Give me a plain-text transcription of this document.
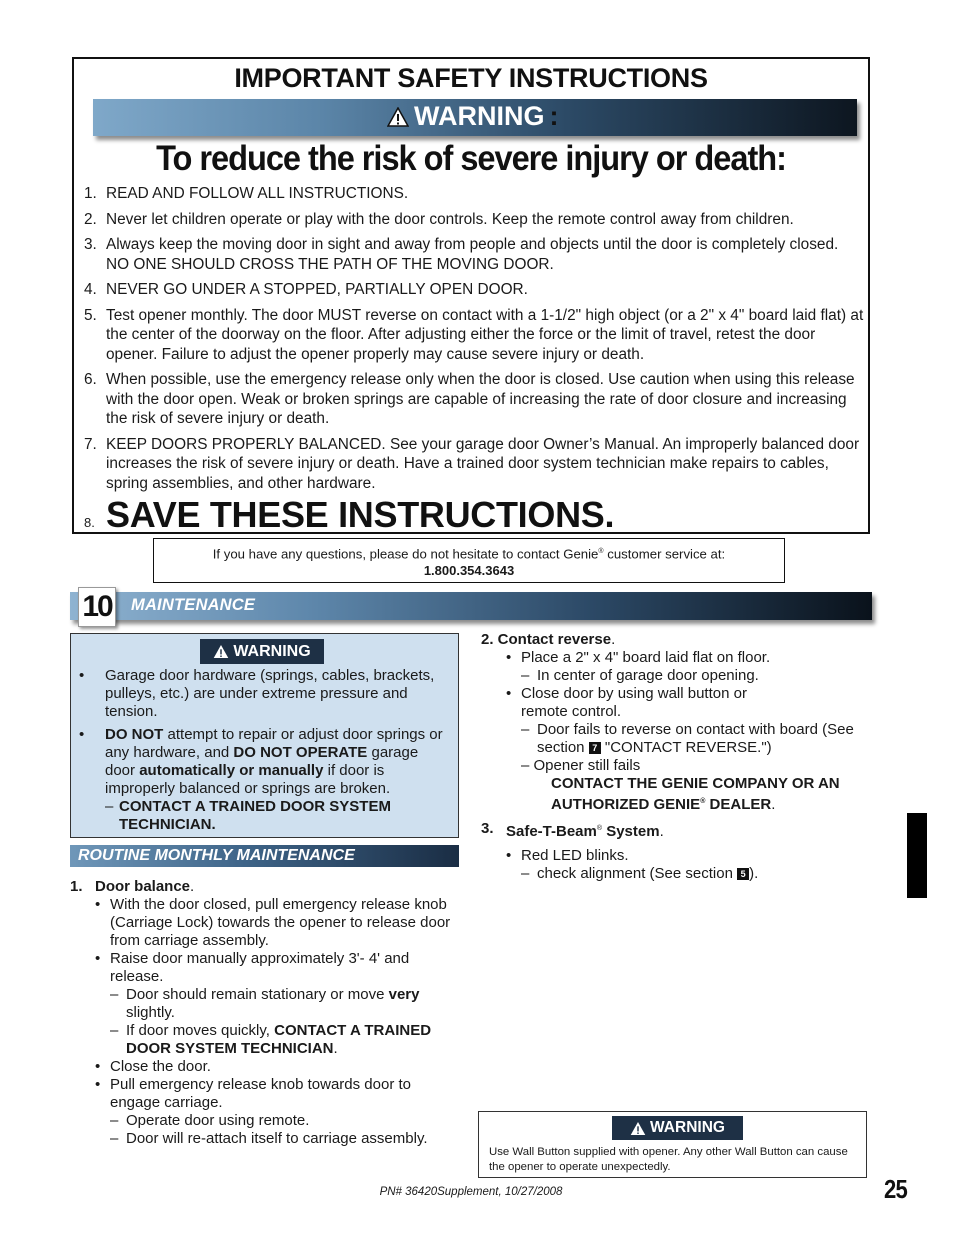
IMPORTANT SAFETY INSTRUCTIONS
WARNING :
To reduce the risk of severe injury or death:
1. READ AND FOLLOW ALL INSTRUCTIONS.
2. Never let children operate or play with the door controls. Keep the remote control away from children.
3. Always keep the moving door in sight and away from people and objects until the door is completely closed. NO ONE SHOULD CROSS THE PATH OF THE MOVING DOOR.
4. NEVER GO UNDER A STOPPED, PARTIALLY OPEN DOOR.
5. Test opener monthly. The door MUST reverse on contact with a 1-1/2" high object (or a 2" x 4" board laid flat) at the center of the doorway on the floor. After adjusting either the force or the limit of travel, retest the door opener. Failure to adjust the opener properly may cause severe injury or death.
6. When possible, use the emergency release only when the door is closed. Use caution when using this release with the door open. Weak or broken springs are capable of increasing the rate of door closure and increasing the risk of severe injury or death.
7. KEEP DOORS PROPERLY BALANCED. See your garage door Owner’s Manual. An improperly balanced door increases the risk of severe injury or death. Have a trained door system technician make repairs to cables, spring assemblies, and other hardware.
8. SAVE THESE INSTRUCTIONS.
If you have any questions, please do not hesitate to contact Genie® customer service at:
1.800.354.3643
10 MAINTENANCE
WARNING
•	Garage door hardware (springs, cables, brackets, pulleys, etc.) are under extreme pressure and tension.
•	DO NOT attempt to repair or adjust door springs or any hardware, and DO NOT OPERATE garage door automatically or manually if door is improperly balanced or springs are broken.
– CONTACT A TRAINED DOOR SYSTEM TECHNICIAN.
ROUTINE MONTHLY MAINTENANCE
1. Door balance.
• With the door closed, pull emergency release knob (Carriage Lock) towards the opener to release door from carriage assembly.
• Raise door manually approximately 3'- 4' and release.
– Door should remain stationary or move very slightly.
– If door moves quickly, CONTACT A TRAINED DOOR SYSTEM TECHNICIAN.
• Close the door.
• Pull emergency release knob towards door to engage carriage.
– Operate door using remote.
– Door will re-attach itself to carriage assembly.
2. Contact reverse.
• Place a 2" x 4" board laid flat on floor.
– In center of garage door opening.
• Close door by using wall button or remote control.
– Door fails to reverse on contact with board (See section 7 "CONTACT REVERSE.")
– Opener still fails
CONTACT THE GENIE COMPANY OR AN AUTHORIZED GENIE® DEALER.
3. Safe-T-Beam® System.
• Red LED blinks.
– check alignment (See section 5 ).
WARNING
Use Wall Button supplied with opener. Any other Wall Button can cause the opener to operate unexpectedly.
PN# 36420Supplement, 10/27/2008	25
